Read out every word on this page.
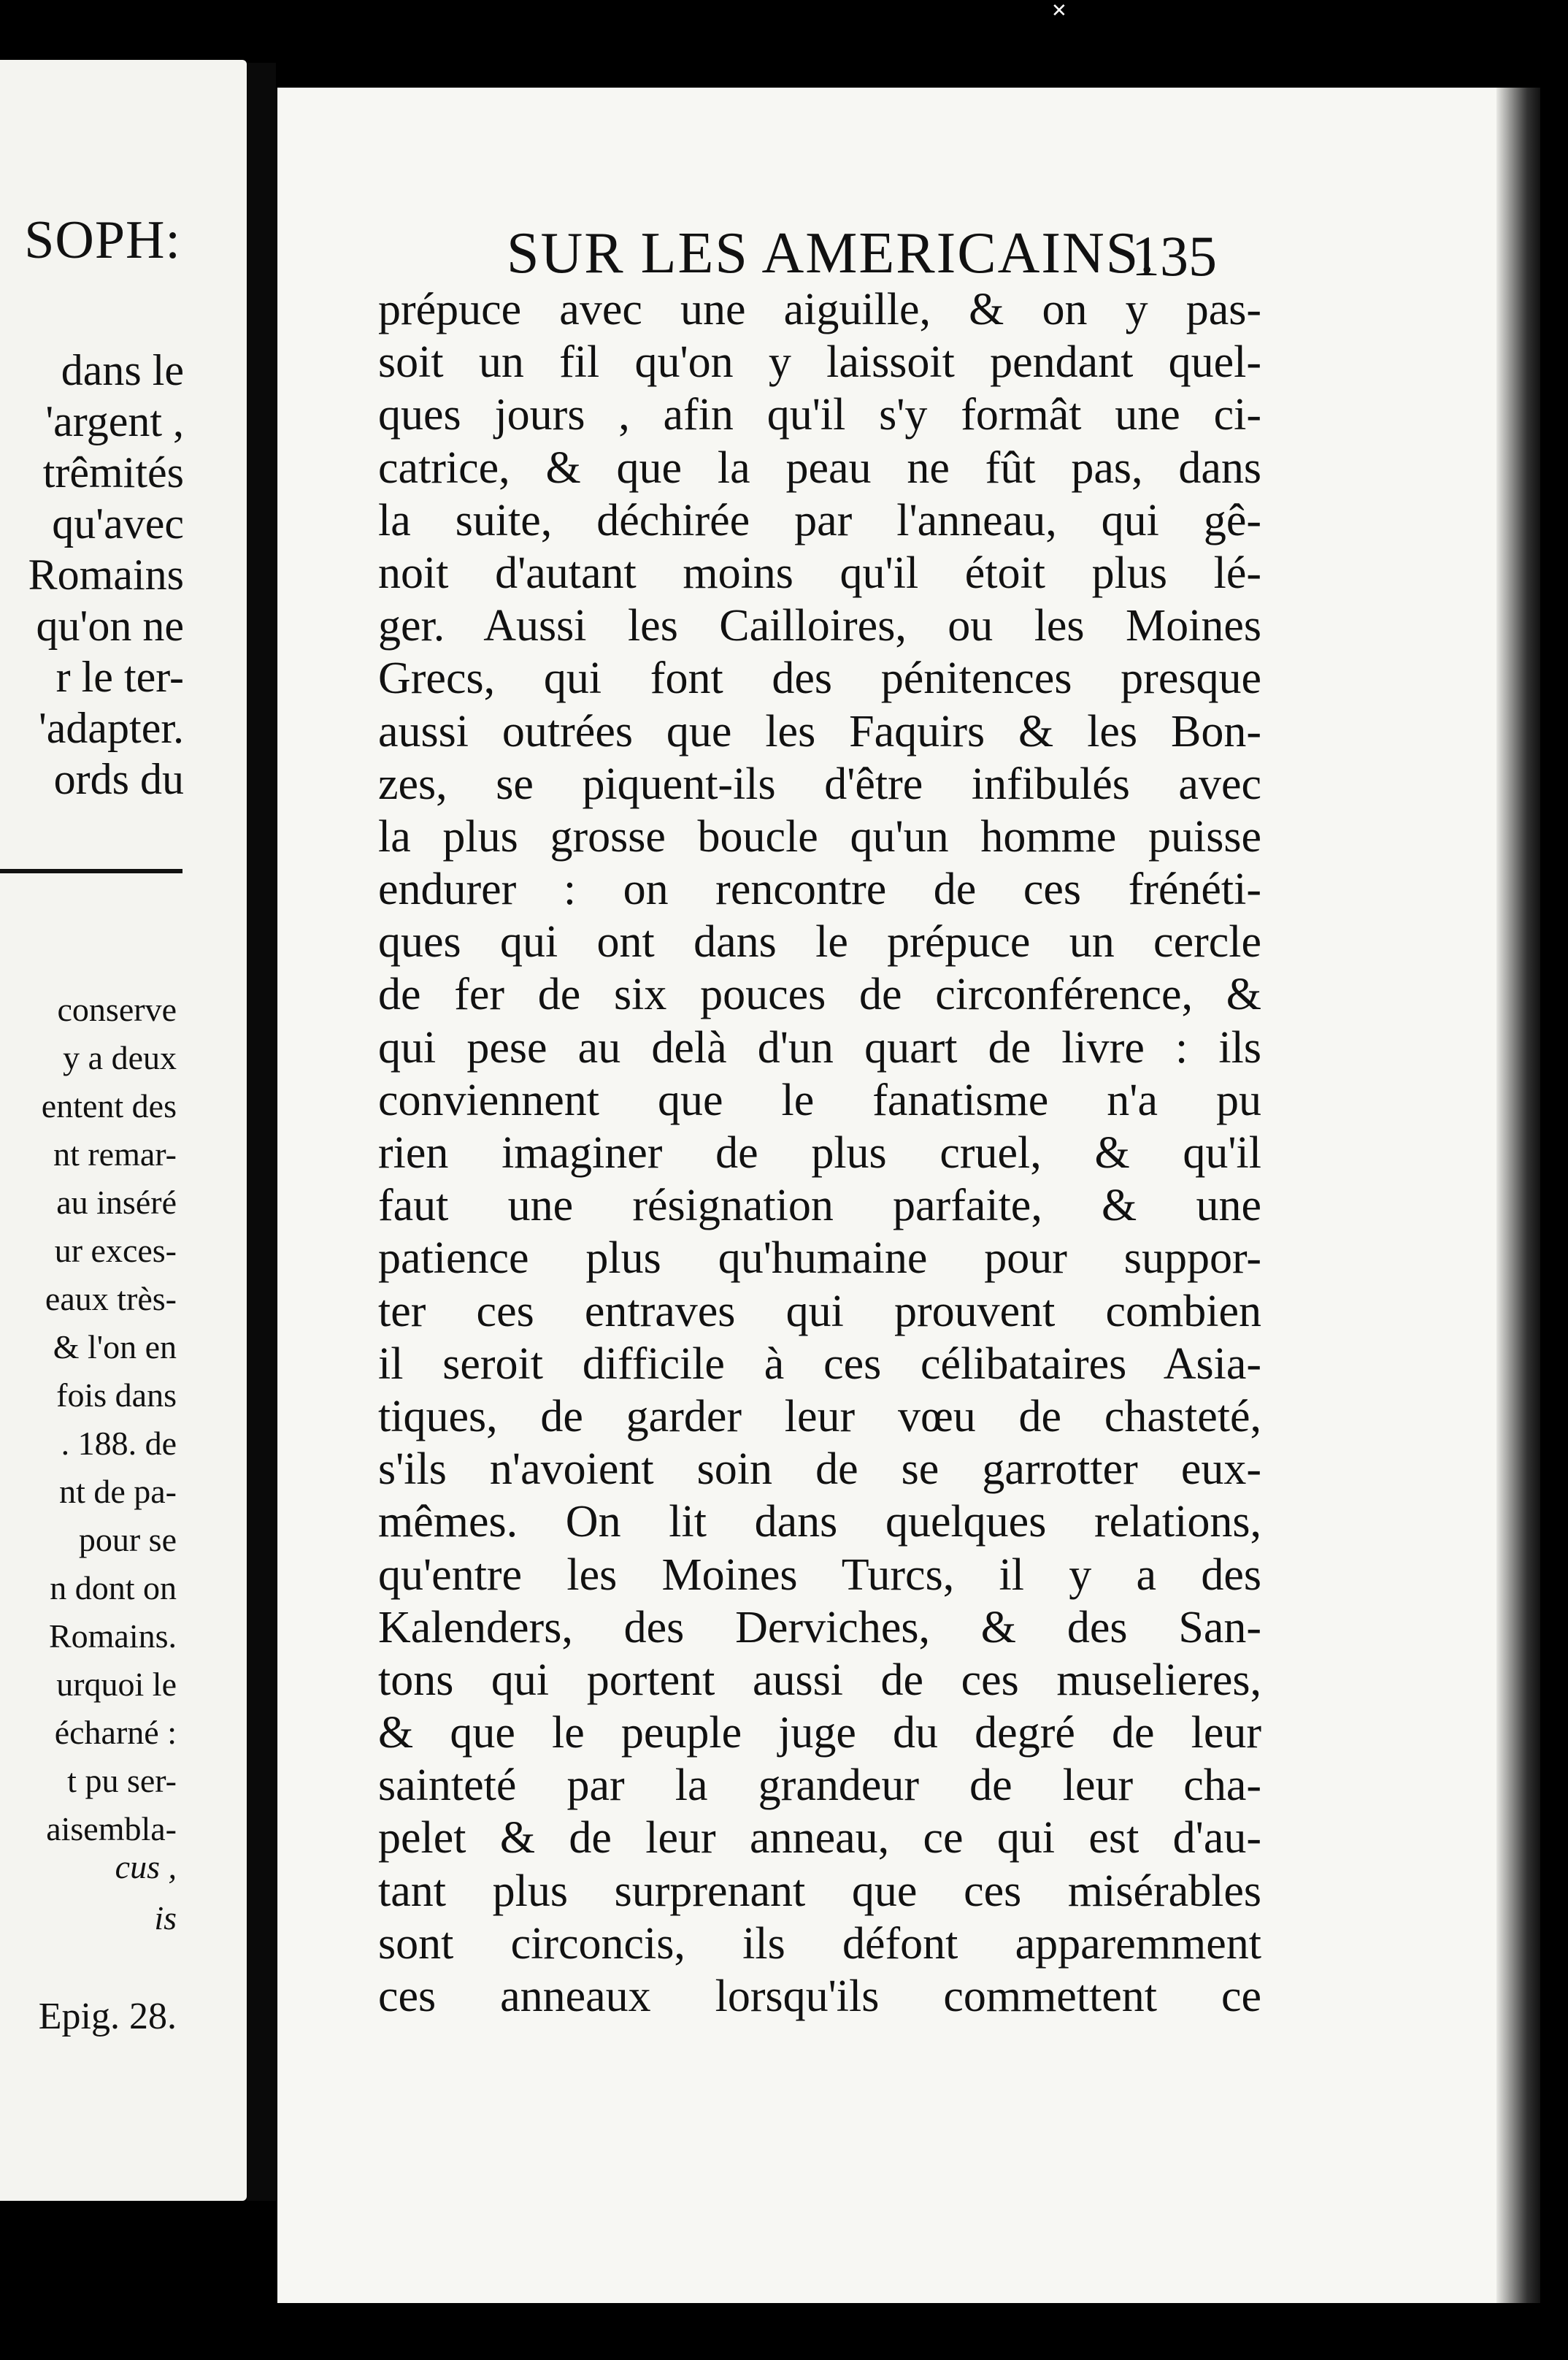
✕
SOPH:
dans le
'argent ,
trêmités
qu'avec
Romains
qu'on ne
r le ter-
'adapter.
ords du
conserve
y a deux
entent des
nt remar-
au inséré
ur exces-
eaux très-
& l'on en
fois dans
. 188. de
nt de pa-
pour se
n dont on
Romains.
urquoi le
écharné :
t pu ser-
aisembla-
cus ,
is
Epig. 28.
SUR LES AMERICAINS.
135
prépuce avec une aiguille, & on y pas-
soit un fil qu'on y laissoit pendant quel-
ques jours , afin qu'il s'y formât une ci-
catrice, & que la peau ne fût pas, dans
la suite, déchirée par l'anneau, qui gê-
noit d'autant moins qu'il étoit plus lé-
ger. Aussi les Cailloires, ou les Moines
Grecs, qui font des pénitences presque
aussi outrées que les Faquirs & les Bon-
zes, se piquent-ils d'être infibulés avec
la plus grosse boucle qu'un homme puisse
endurer : on rencontre de ces frénéti-
ques qui ont dans le prépuce un cercle
de fer de six pouces de circonférence, &
qui pese au delà d'un quart de livre : ils
conviennent que le fanatisme n'a pu
rien imaginer de plus cruel, & qu'il
faut une résignation parfaite, & une
patience plus qu'humaine pour suppor-
ter ces entraves qui prouvent combien
il seroit difficile à ces célibataires Asia-
tiques, de garder leur vœu de chasteté,
s'ils n'avoient soin de se garrotter eux-
mêmes. On lit dans quelques relations,
qu'entre les Moines Turcs, il y a des
Kalenders, des Derviches, & des San-
tons qui portent aussi de ces muselieres,
& que le peuple juge du degré de leur
sainteté par la grandeur de leur cha-
pelet & de leur anneau, ce qui est d'au-
tant plus surprenant que ces misérables
sont circoncis, ils défont apparemment
ces anneaux lorsqu'ils commettent ce
